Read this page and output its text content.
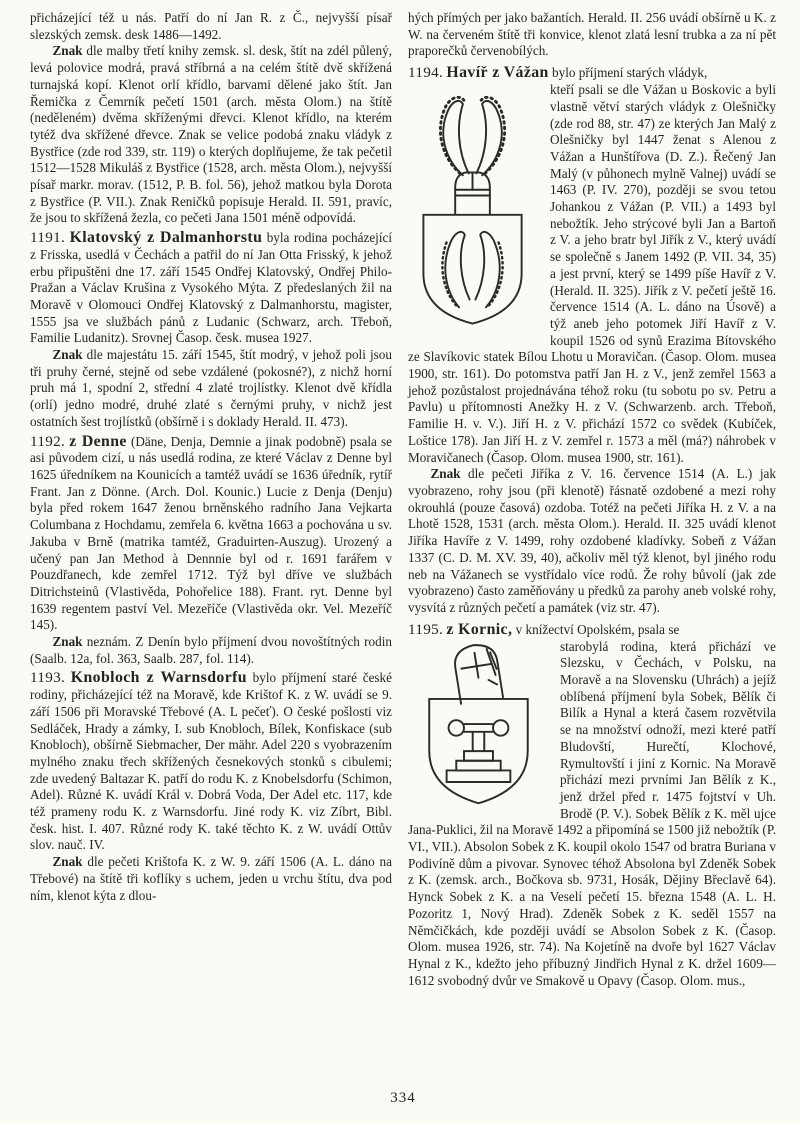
přicházející též u nás. Patří do ní Jan R. z Č., nejvyšší písař slezských zemsk. desk 1486—1492.
Znak dle malby třetí knihy zemsk. sl. desk, štít na zdél půlený, levá polovice modrá, pravá stříbrná a na celém štítě dvě skřížená turnajská kopí. Klenot orlí křídlo, barvami dělené jako štít. Jan Řemička z Čemrník pečetí 1501 (arch. města Olom.) na štítě (neděleném) dvěma skříženými dřevci. Klenot křídlo, na kterém tytéž dva skřížené dřevce. Znak se velice podobá znaku vládyk z Bystřice (zde rod 339, str. 119) o kterých doplňujeme, že tak pečetil 1512—1528 Mikuláš z Bystřice (1528, arch. města Olom.), nejvyšší písař markr. morav. (1512, P. B. fol. 56), jehož matkou byla Dorota z Bystřice (P. VII.). Znak Reničků popisuje Herald. II. 591, pravíc, že jsou to skřížená žezla, co pečeti Jana 1501 méně odpovídá.
1191. Klatovský z Dalmanhorstu byla rodina pocházející z Frisska, usedlá v Čechách a patřil do ní Jan Otta Frisský, k jehož erbu připuštěni dne 17. září 1545 Ondřej Klatovský, Ondřej Philo-Pražan a Václav Krušina z Vysokého Mýta. Z předeslaných žil na Moravě v Olomouci Ondřej Klatovský z Dalmanhorstu, magister, 1555 jsa ve službách pánů z Ludanic (Schwarz, arch. Třeboň, Familie Ludanitz). Srovnej Časop. česk. musea 1927.
Znak dle majestátu 15. září 1545, štít modrý, v jehož poli jsou tři pruhy černé, stejně od sebe vzdálené (pokosné?), z nichž horní pruh má 1, spodní 2, střední 4 zlaté trojlístky. Klenot dvě křídla (orlí) jedno modré, druhé zlaté s černými pruhy, v nichž jest ostatních šest trojlístků (obšírně i s doklady Herald. II. 473).
1192. z Denne (Däne, Denja, Demnie a jinak podobně) psala se asi původem cizí, u nás usedlá rodina, ze které Václav z Denne byl 1625 úředníkem na Kounicích a tamtéž uvádí se 1636 úředník, rytíř Frant. Jan z Dönne. (Arch. Dol. Kounic.) Lucie z Denja (Denju) byla před rokem 1647 ženou brněnského radního Jana Vejkarta Columbana z Hochdamu, zemřela 6. května 1663 a pochována u sv. Jakuba v Brně (matrika tamtéž, Graduirten-Auszug). Urozený a učený pan Jan Method à Dennnie byl od r. 1691 farářem v Pouzdřanech, kde zemřel 1712. Týž byl dříve ve službách Ditrichsteinů (Vlastivěda, Pohořelice 188). Frant. ryt. Denne byl 1639 regentem paství Vel. Mezeříče (Vlastivěda okr. Vel. Mezeříč 145).
Znak neznám. Z Denín bylo příjmení dvou novoštítných rodin (Saalb. 12a, fol. 363, Saalb. 287, fol. 114).
1193. Knobloch z Warnsdorfu bylo příjmení staré české rodiny, přicházející též na Moravě, kde Krištof K. z W. uvádí se 9. září 1506 při Moravské Třebové (A. L pečeť). O české pošlosti viz Sedláček, Hrady a zámky, I. sub Knobloch, Bílek, Konfiskace (sub Knobloch), obšírně Siebmacher, Der mähr. Adel 220 s vyobrazením mylného znaku třech skřížených česnekových stonků s cibulemi; zde uvedený Baltazar K. patří do rodu K. z Knobelsdorfu (Schimon, Adel). Různé K. uvádí Král v. Dobrá Voda, Der Adel etc. 117, kde též prameny rodu K. z Warnsdorfu. Jiné rody K. viz Zíbrt, Bibl. česk. hist. I. 407. Různé rody K. také těchto K. z W. uvádí Ottův slov. nauč. IV.
Znak dle pečeti Krištofa K. z W. 9. září 1506 (A. L. dáno na Třebové) na štítě tři koflíky s uchem, jeden u vrchu štítu, dva pod ním, klenot kýta z dlou-
hých přímých per jako bažantích. Herald. II. 256 uvádí obšírně u K. z W. na červeném štítě tři konvice, klenot zlatá lesní trubka a za ní pět praporečků červenobílých.
1194. Havíř z Vážan bylo příjmení starých vládyk,
kteří psali se dle Vážan u Boskovic a byli vlastně větví starých vládyk z Olešničky (zde rod 88, str. 47) ze kterých Jan Malý z Olešničky byl 1447 ženat s Alenou z Vážan a Hunštířova (D. Z.). Řečený Jan Malý (v půhonech mylně Valnej) uvádí se 1463 (P. IV. 270), později se svou tetou Johankou z Vážan (P. VII.) a 1493 byl nebožtík. Jeho strýcové byli Jan a Bartoň z V. a jeho bratr byl Jiřík z V., který uvádí se společně s Janem 1492 (P. VII. 34, 35) a jest první, který se 1499 píše Havíř z V. (Herald. II. 325). Jiřík z V. pečetí ještě 16. července 1514 (A. L. dáno na Úsově) a týž aneb jeho potomek Jiří Havíř z V. koupil 1526 od synů Erazima Bítovského ze Slavíkovic statek Bílou Lhotu u Moravičan. (Časop. Olom. musea 1900, str. 161). Do potomstva patří Jan H. z V., jenž zemřel 1563 a jehož pozůstalost projednávána téhož roku (tu sobotu po sv. Petru a Pavlu) u přítomnosti Anežky H. z V. (Schwarzenb. arch. Třeboň, Familie H. v. V.). Jiří H. z V. přichází 1572 co svědek (Kubíček, Loštice 178). Jan Jiří H. z V. zemřel r. 1573 a měl (má?) náhrobek v Moravičanech (Časop. Olom. musea 1900, str. 161).
Znak dle pečeti Jiříka z V. 16. července 1514 (A. L.) jak vyobrazeno, rohy jsou (při klenotě) řásnatě ozdobené a mezi rohy okrouhlá (pouze časová) ozdoba. Totéž na pečeti Jiříka H. z V. a na Lhotě 1528, 1531 (arch. města Olom.). Herald. II. 325 uvádí klenot Jiříka Havíře z V. 1499, rohy ozdobené kladívky. Sobeň z Vážan 1337 (C. D. M. XV. 39, 40), ačkoliv měl týž klenot, byl jiného rodu neb na Vážanech se vystřídalo více rodů. Že rohy bůvolí (jak zde vyobrazeno) často zaměňovány u předků za parohy aneb volské rohy, vysvítá z různých pečetí a památek (viz str. 47).
1195. z Kornic, v knížectví Opolském, psala se
starobylá rodina, která přichází ve Slezsku, v Čechách, v Polsku, na Moravě a na Slovensku (Uhrách) a jejíž oblíbená příjmení byla Sobek, Bělík či Bilík a Hynal a která časem rozvětvila se na množství odnoží, mezi které patří Bludovští, Hurečtí, Klochové, Rymultovští i jiní z Kornic. Na Moravě přichází mezi prvními Jan Bělík z K., jenž držel před r. 1475 fojtství v Uh. Brodě (P. V.). Sobek Bělík z K. měl ujce Jana-Puklici, žil na Moravě 1492 a připomíná se 1500 již nebožtík (P. VI., VII.). Absolon Sobek z K. koupil okolo 1547 od bratra Buriana v Podivíně dům a pivovar. Synovec téhož Absolona byl Zdeněk Sobek z K. (zemsk. arch., Bočkova sb. 9731, Hosák, Dějiny Břeclavě 64). Hynck Sobek z K. a na Veselí pečetí 15. března 1548 (A. L. H. Pozoritz 1, Nový Hrad). Zdeněk Sobek z K. seděl 1557 na Němčičkách, kde později uvádí se Absolon Sobek z K. (Časop. Olom. musea 1926, str. 74). Na Kojetíně na dvoře byl 1627 Václav Hynal z K., kdežto jeho příbuzný Jindřich Hynal z K. držel 1609—1612 svobodný dvůr ve Smakově u Opavy (Časop. Olom. mus.,
334
